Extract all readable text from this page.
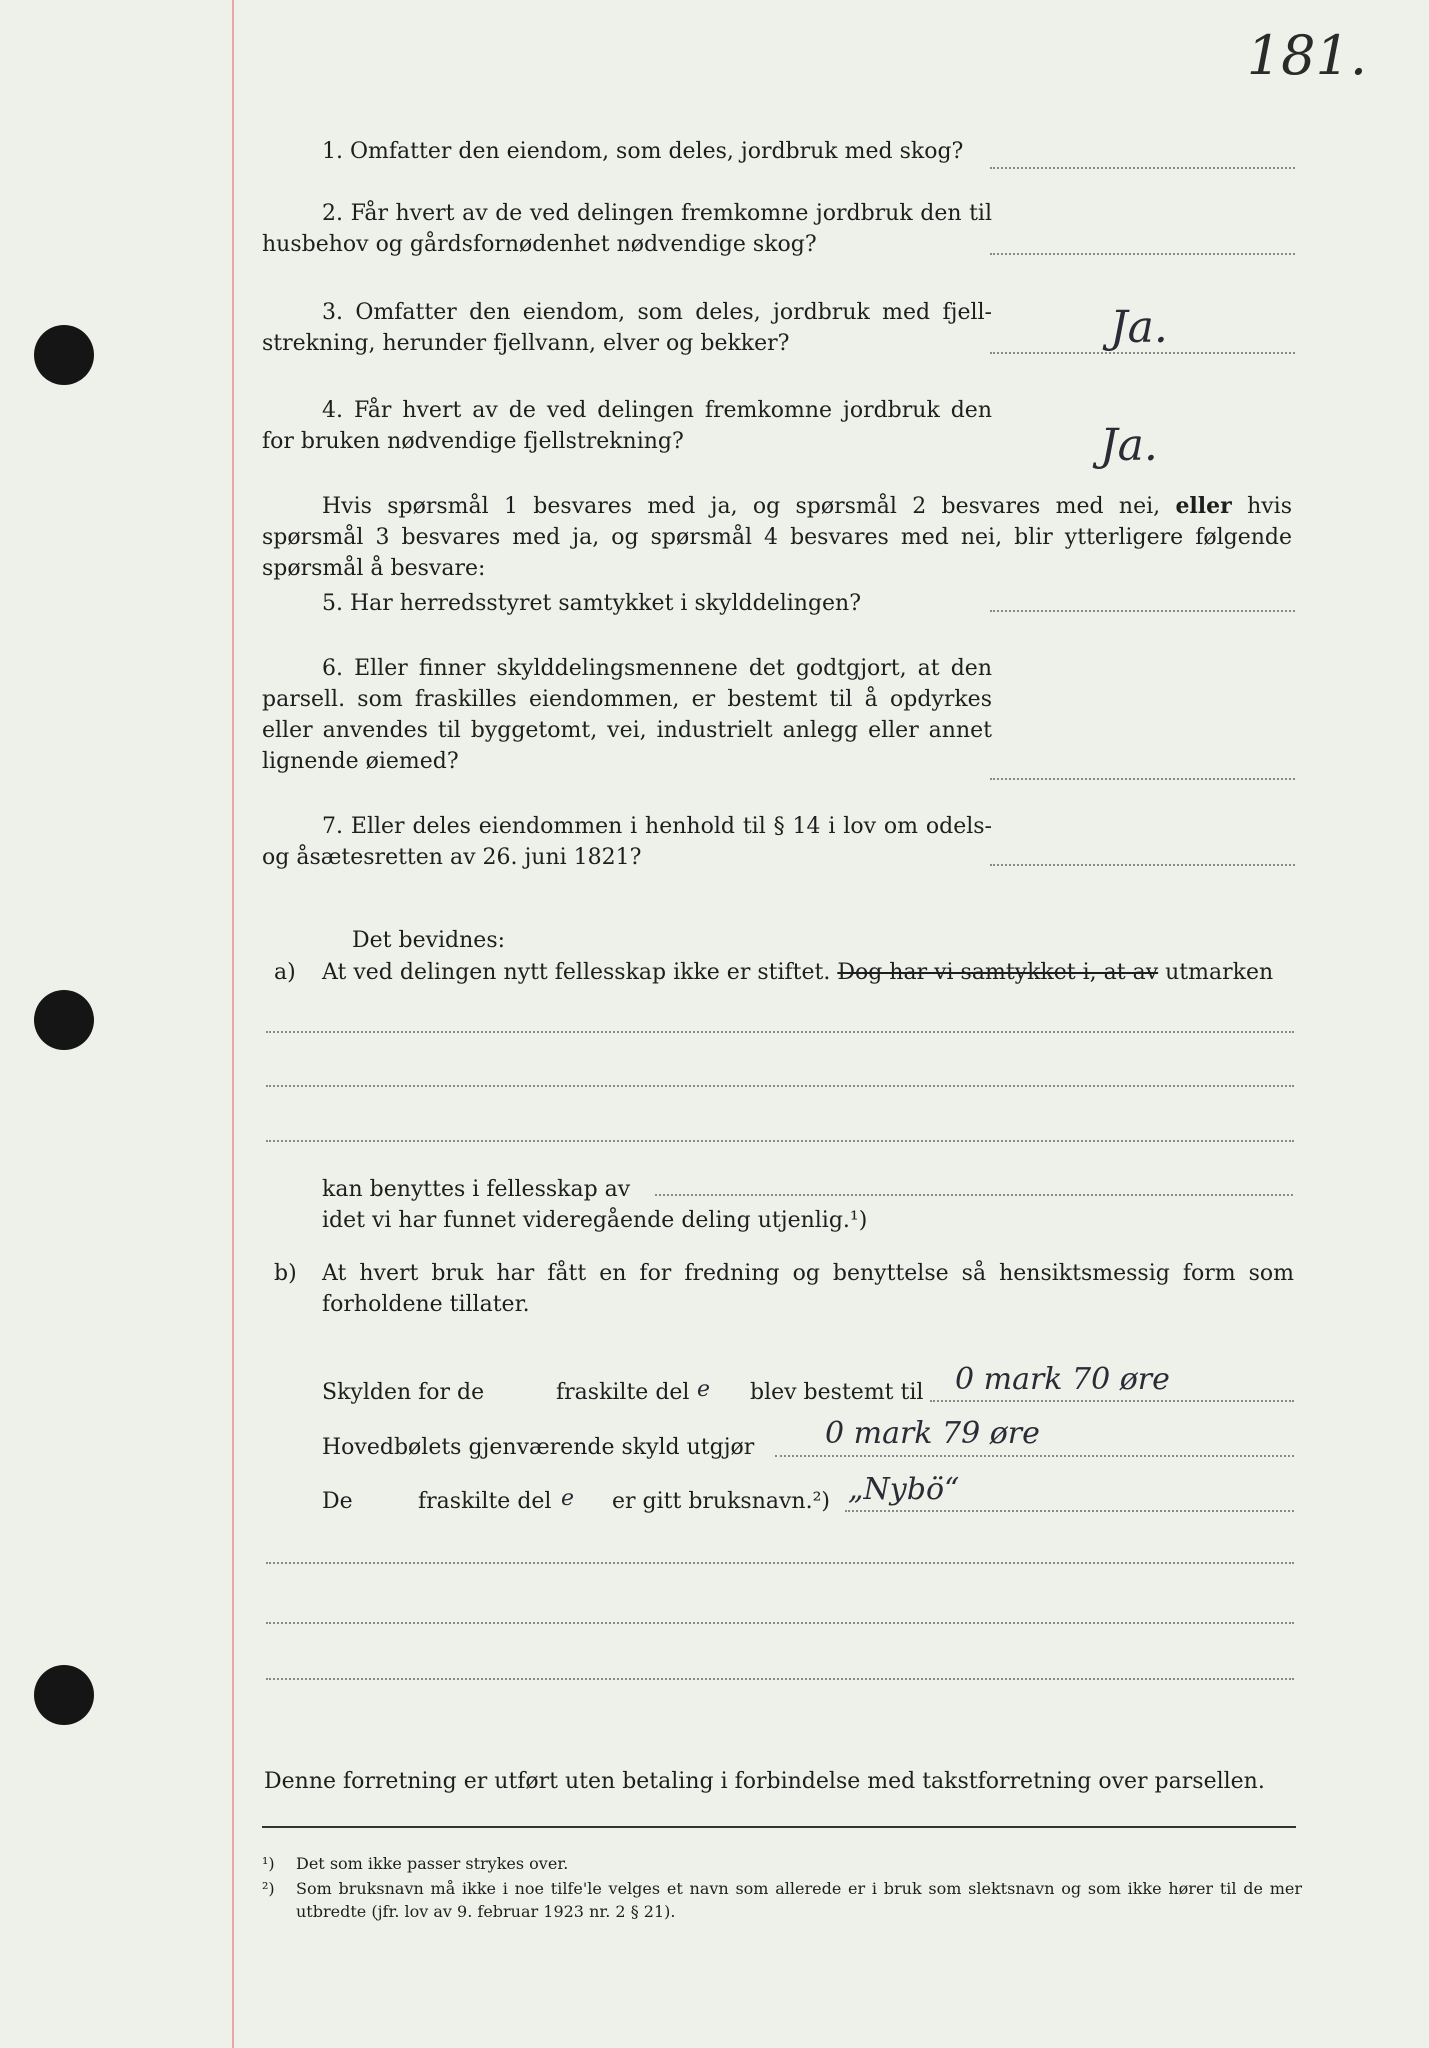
181.

1. Omfatter den eiendom, som deles, jordbruk med skog?
2. Får hvert av de ved delingen fremkomne jordbruk den til husbehov og gårdsfornødenhet nødvendige skog?
3. Omfatter den eiendom, som deles, jordbruk med fjell-strekning, herunder fjellvann, elver og bekker?	Ja.
4. Får hvert av de ved delingen fremkomne jordbruk den for bruken nødvendige fjellstrekning?	Ja.
Hvis spørsmål 1 besvares med ja, og spørsmål 2 besvares med nei, eller hvis spørsmål 3 besvares med ja, og spørsmål 4 besvares med nei, blir ytterligere følgende spørsmål å besvare:
5. Har herredsstyret samtykket i skylddelingen?
6. Eller finner skylddelingsmennene det godtgjort, at den parsell. som fraskilles eiendommen, er bestemt til å opdyrkes eller anvendes til byggetomt, vei, industrielt anlegg eller annet lignende øiemed?
7. Eller deles eiendommen i henhold til § 14 i lov om odels- og åsætesretten av 26. juni 1821?
Det bevidnes:
a) At ved delingen nytt fellesskap ikke er stiftet. Dog har vi samtykket i, at av utmarken
kan benyttes i fellesskap av
idet vi har funnet videregående deling utjenlig.¹)
b) At hvert bruk har fått en for fredning og benyttelse så hensiktsmessig form som forholdene tillater.
Skylden for de	fraskilte del e blev bestemt til 0 mark 70 øre
Hovedbølets gjenværende skyld utgjør 0 mark 79 øre
De	fraskilte del e er gitt bruksnavn.²) „Nybö“
Denne forretning er utført uten betaling i forbindelse med takstforretning over parsellen.
¹) Det som ikke passer strykes over.
²)	Som bruksnavn må ikke i noe tilfe'le velges et navn som allerede er i bruk som slektsnavn og som ikke hører til de mer utbredte (jfr. lov av 9. februar 1923 nr. 2 § 21).
